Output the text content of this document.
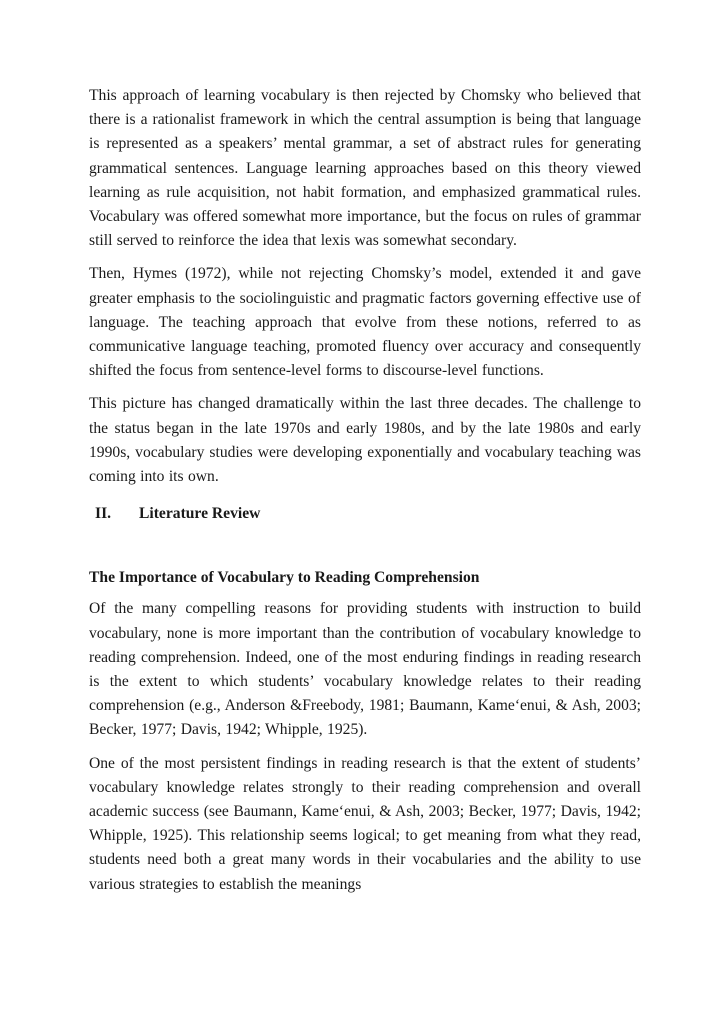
This approach of learning vocabulary is then rejected by Chomsky who believed that there is a rationalist framework in which the central assumption is being that language is represented as a speakers’ mental grammar, a set of abstract rules for generating grammatical sentences. Language learning approaches based on this theory viewed learning as rule acquisition, not habit formation, and emphasized grammatical rules. Vocabulary was offered somewhat more importance, but the focus on rules of grammar still served to reinforce the idea that lexis was somewhat secondary.

Then, Hymes (1972), while not rejecting Chomsky’s model, extended it and gave greater emphasis to the sociolinguistic and pragmatic factors governing effective use of language. The teaching approach that evolve from these notions, referred to as communicative language teaching, promoted fluency over accuracy and consequently shifted the focus from sentence-level forms to discourse-level functions.

This picture has changed dramatically within the last three decades. The challenge to the status began in the late 1970s and early 1980s, and by the late 1980s and early 1990s, vocabulary studies were developing exponentially and vocabulary teaching was coming into its own.

II.	Literature Review
The Importance of Vocabulary to Reading Comprehension

Of the many compelling reasons for providing students with instruction to build vocabulary, none is more important than the contribution of vocabulary knowledge to reading comprehension. Indeed, one of the most enduring findings in reading research is the extent to which students’ vocabulary knowledge relates to their reading comprehension (e.g., Anderson &Freebody, 1981; Baumann, Kame‘enui, & Ash, 2003; Becker, 1977; Davis, 1942; Whipple, 1925).

One of the most persistent findings in reading research is that the extent of students’ vocabulary knowledge relates strongly to their reading comprehension and overall academic success (see Baumann, Kame‘enui, & Ash, 2003; Becker, 1977; Davis, 1942; Whipple, 1925). This relationship seems logical; to get meaning from what they read, students need both a great many words in their vocabularies and the ability to use various strategies to establish the meanings
